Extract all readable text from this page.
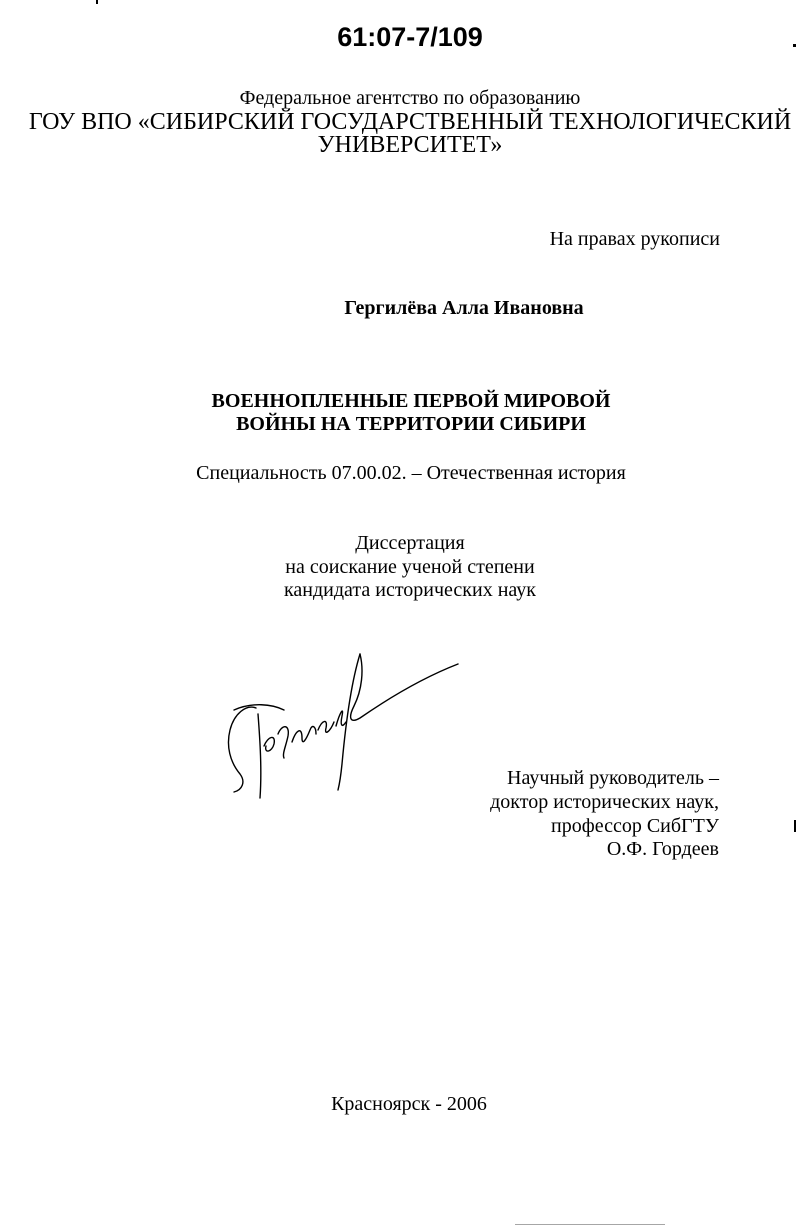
61:07-7/109

Федеральное агентство по образованию

ГОУ ВПО «СИБИРСКИЙ ГОСУДАРСТВЕННЫЙ ТЕХНОЛОГИЧЕСКИЙ

УНИВЕРСИТЕТ»

На правах рукописи

Гергилёва Алла Ивановна

ВОЕННОПЛЕННЫЕ ПЕРВОЙ МИРОВОЙ

ВОЙНЫ НА ТЕРРИТОРИИ СИБИРИ

Специальность 07.00.02. – Отечественная история

Диссертация

на соискание ученой степени

кандидата исторических наук

Научный руководитель –

доктор исторических наук,

профессор СибГТУ

О.Ф. Гордеев

Красноярск - 2006
